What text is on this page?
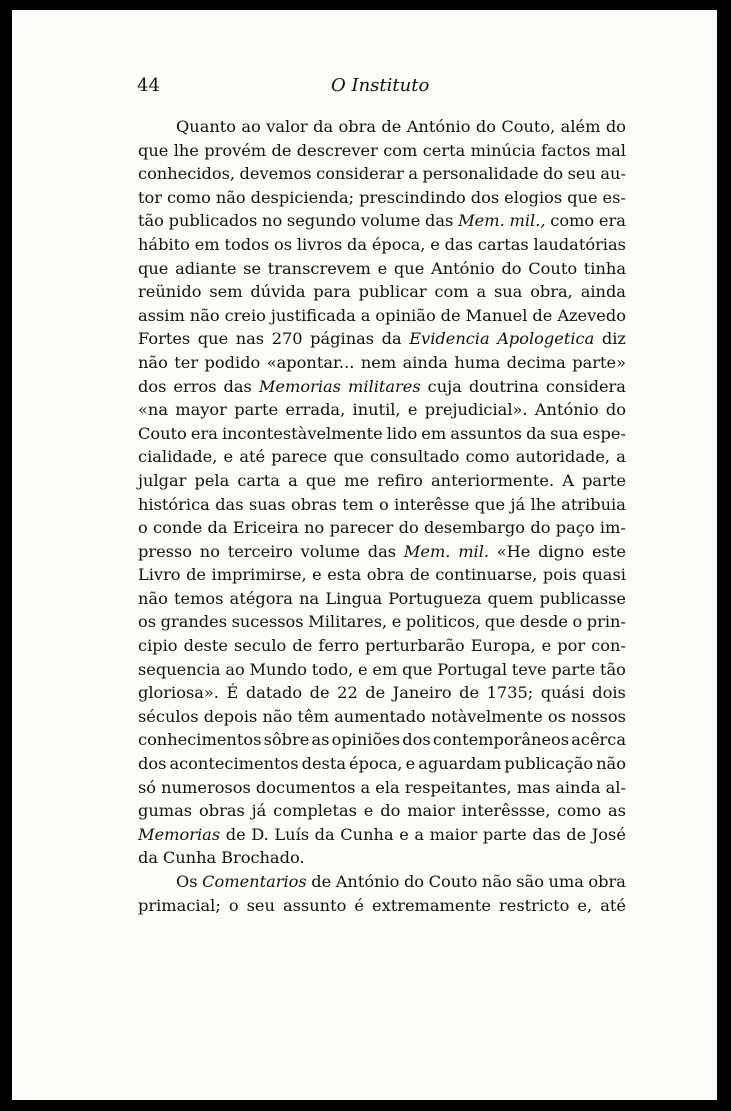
44	O Instituto
Quanto ao valor da obra de António do Couto, além do
que lhe provém de descrever com certa minúcia factos mal
conhecidos, devemos considerar a personalidade do seu au-
tor como não despicienda; prescindindo dos elogios que es-
tão publicados no segundo volume das Mem. mil., como era
hábito em todos os livros da época, e das cartas laudatórias
que adiante se transcrevem e que António do Couto tinha
reünido sem dúvida para publicar com a sua obra, ainda
assim não creio justificada a opinião de Manuel de Azevedo
Fortes que nas 270 páginas da Evidencia Apologetica diz
não ter podido «apontar... nem ainda huma decima parte»
dos erros das Memorias militares cuja doutrina considera
«na mayor parte errada, inutil, e prejudicial». António do
Couto era incontestàvelmente lido em assuntos da sua espe-
cialidade, e até parece que consultado como autoridade, a
julgar pela carta a que me refiro anteriormente. A parte
histórica das suas obras tem o interêsse que já lhe atribuia
o conde da Ericeira no parecer do desembargo do paço im-
presso no terceiro volume das Mem. mil. «He digno este
Livro de imprimirse, e esta obra de continuarse, pois quasi
não temos atégora na Lingua Portugueza quem publicasse
os grandes sucessos Militares, e politicos, que desde o prin-
cipio deste seculo de ferro perturbarão Europa, e por con-
sequencia ao Mundo todo, e em que Portugal teve parte tão
gloriosa». É datado de 22 de Janeiro de 1735; quási dois
séculos depois não têm aumentado notàvelmente os nossos
conhecimentos sôbre as opiniões dos contemporâneos acêrca
dos acontecimentos desta época, e aguardam publicação não
só numerosos documentos a ela respeitantes, mas ainda al-
gumas obras já completas e do maior interêssse, como as
Memorias de D. Luís da Cunha e a maior parte das de José
da Cunha Brochado.
Os Comentarios de António do Couto não são uma obra
primacial; o seu assunto é extremamente restricto e, até
